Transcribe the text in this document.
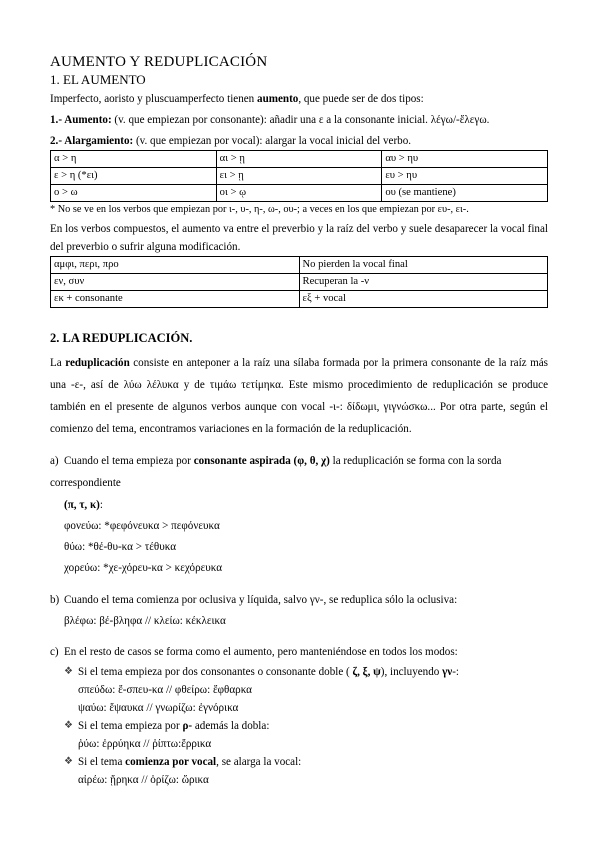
AUMENTO Y REDUPLICACIÓN
1. EL AUMENTO

Imperfecto, aoristo y pluscuamperfecto tienen aumento, que puede ser de dos tipos:

1.- Aumento: (v. que empiezan por consonante): añadir una ε a la consonante inicial. λέγω/-ἔλεγω.

2.- Alargamiento: (v. que empiezan por vocal): alargar la vocal inicial del verbo.

α > η	αι > ῃ	αυ > ηυ
ε > η (*ει)	ει > ῃ	ευ > ηυ
ο > ω	οι > ῳ	ου (se mantiene)

* No se ve en los verbos que empiezan por ι-, υ-, η-, ω-, ου-; a veces en los que empiezan por ευ-, ει-.

En los verbos compuestos, el aumento va entre el preverbio y la raíz del verbo y suele desaparecer la vocal final del preverbio o sufrir alguna modificación.

αμφι, περι, προ	No pierden la vocal final
εν, συν	Recuperan la -ν
εκ + consonante	εξ + vocal
2. LA REDUPLICACIÓN.

La reduplicación consiste en anteponer a la raíz una sílaba formada por la primera consonante de la raíz más una -ε-, así de λύω λέλυκα y de τιμάω τετίμηκα. Este mismo procedimiento de reduplicación se produce también en el presente de algunos verbos aunque con vocal -ι-: δίδωμι, γιγνώσκω... Por otra parte, según el comienzo del tema, encontramos variaciones en la formación de la reduplicación.

a) Cuando el tema empieza por consonante aspirada (φ, θ, χ) la reduplicación se forma con la sorda correspondiente
(π, τ, κ):
φονεύω: *φεφόνευκα > πεφόνευκα
θύω: *θέ-θυ-κα > τέθυκα
χορεύω: *χε-χόρευ-κα > κεχόρευκα
b) Cuando el tema comienza por oclusiva y líquida, salvo γν-, se reduplica sólo la oclusiva:
βλέφω: βέ-βληφα // κλείω: κέκλεικα
c) En el resto de casos se forma como el aumento, pero manteniéndose en todos los modos:
❖ Si el tema empieza por dos consonantes o consonante doble ( ζ, ξ, ψ), incluyendo γν-:
σπεύδω: ἔ-σπευ-κα // φθείρω: ἔφθαρκα
ψαύω: ἔψαυκα // γνωρίζω: ἐγνόρικα
❖ Si el tema empieza por ρ- además la dobla:
ῥύω: ἐρρύηκα // ῥίπτω:ἔρρικα
❖ Si el tema comienza por vocal, se alarga la vocal:
αἱρέω: ᾕρηκα // ὁρίζω: ὥρικα
